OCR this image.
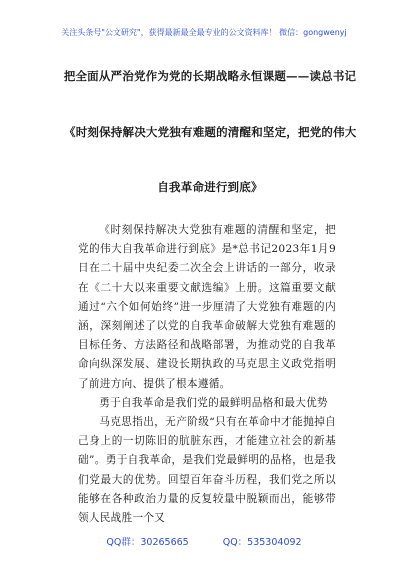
关注头条号"公文研究"，获得最新最全最专业的公文资料库！ 微信：gongwenyj
把全面从严治党作为党的长期战略永恒课题——读总书记
《时刻保持解决大党独有难题的清醒和坚定，把党的伟大
自我革命进行到底》

《时刻保持解决大党独有难题的清醒和坚定，把党的伟大自我革命进行到底》是*总书记2023年1月9日在二十届中央纪委二次全会上讲话的一部分，收录在《二十大以来重要文献选编》上册。这篇重要文献通过“六个如何始终”进一步厘清了大党独有难题的内涵，深刻阐述了以党的自我革命破解大党独有难题的目标任务、方法路径和战略部署，为推动党的自我革命向纵深发展、建设长期执政的马克思主义政党指明了前进方向、提供了根本遵循。

勇于自我革命是我们党的最鲜明品格和最大优势

马克思指出，无产阶级“只有在革命中才能抛掉自己身上的一切陈旧的肮脏东西，才能建立社会的新基础”。勇于自我革命，是我们党最鲜明的品格，也是我们党最大的优势。回望百年奋斗历程，我们党之所以能够在各种政治力量的反复较量中脱颖而出，能够带领人民战胜一个又

QQ群：30265665	QQ：535304092
